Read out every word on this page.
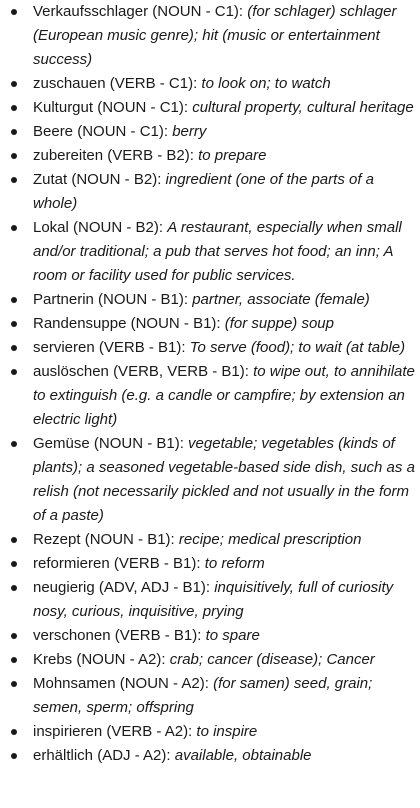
Verkaufsschlager (NOUN - C1): (for schlager) schlager (European music genre); hit (music or entertainment success)
zuschauen (VERB - C1): to look on; to watch
Kulturgut (NOUN - C1): cultural property, cultural heritage
Beere (NOUN - C1): berry
zubereiten (VERB - B2): to prepare
Zutat (NOUN - B2): ingredient (one of the parts of a whole)
Lokal (NOUN - B2): A restaurant, especially when small and/or traditional; a pub that serves hot food; an inn; A room or facility used for public services.
Partnerin (NOUN - B1): partner, associate (female)
Randensuppe (NOUN - B1): (for suppe) soup
servieren (VERB - B1): To serve (food); to wait (at table)
auslöschen (VERB, VERB - B1): to wipe out, to annihilate to extinguish (e.g. a candle or campfire; by extension an electric light)
Gemüse (NOUN - B1): vegetable; vegetables (kinds of plants); a seasoned vegetable-based side dish, such as a relish (not necessarily pickled and not usually in the form of a paste)
Rezept (NOUN - B1): recipe; medical prescription
reformieren (VERB - B1): to reform
neugierig (ADV, ADJ - B1): inquisitively, full of curiosity nosy, curious, inquisitive, prying
verschonen (VERB - B1): to spare
Krebs (NOUN - A2): crab; cancer (disease); Cancer
Mohnsamen (NOUN - A2): (for samen) seed, grain; semen, sperm; offspring
inspirieren (VERB - A2): to inspire
erhältlich (ADJ - A2): available, obtainable
